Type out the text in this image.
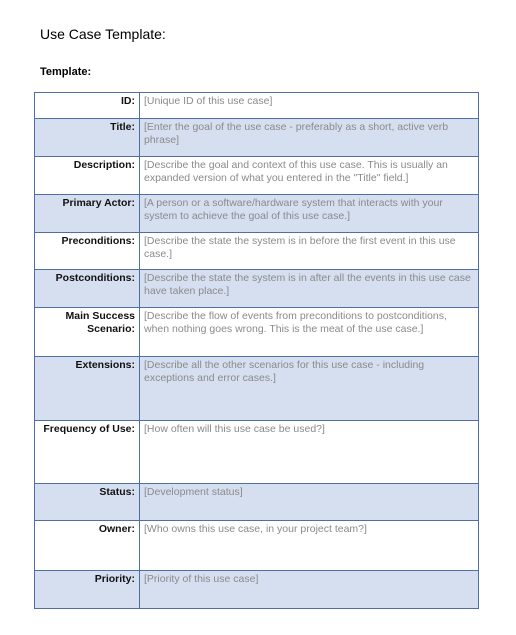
Use Case Template:
Template:
ID:	[Unique ID of this use case]
Title:	[Enter the goal of the use case - preferably as a short, active verb phrase]
Description:	[Describe the goal and context of this use case. This is usually an expanded version of what you entered in the "Title" field.]
Primary Actor:	[A person or a software/hardware system that interacts with your system to achieve the goal of this use case.]
Preconditions:	[Describe the state the system is in before the first event in this use case.]
Postconditions:	[Describe the state the system is in after all the events in this use case have taken place.]
Main Success Scenario:	[Describe the flow of events from preconditions to postconditions, when nothing goes wrong. This is the meat of the use case.]
Extensions:	[Describe all the other scenarios for this use case - including exceptions and error cases.]
Frequency of Use:	[How often will this use case be used?]
Status:	[Development status]
Owner:	[Who owns this use case, in your project team?]
Priority:	[Priority of this use case]
